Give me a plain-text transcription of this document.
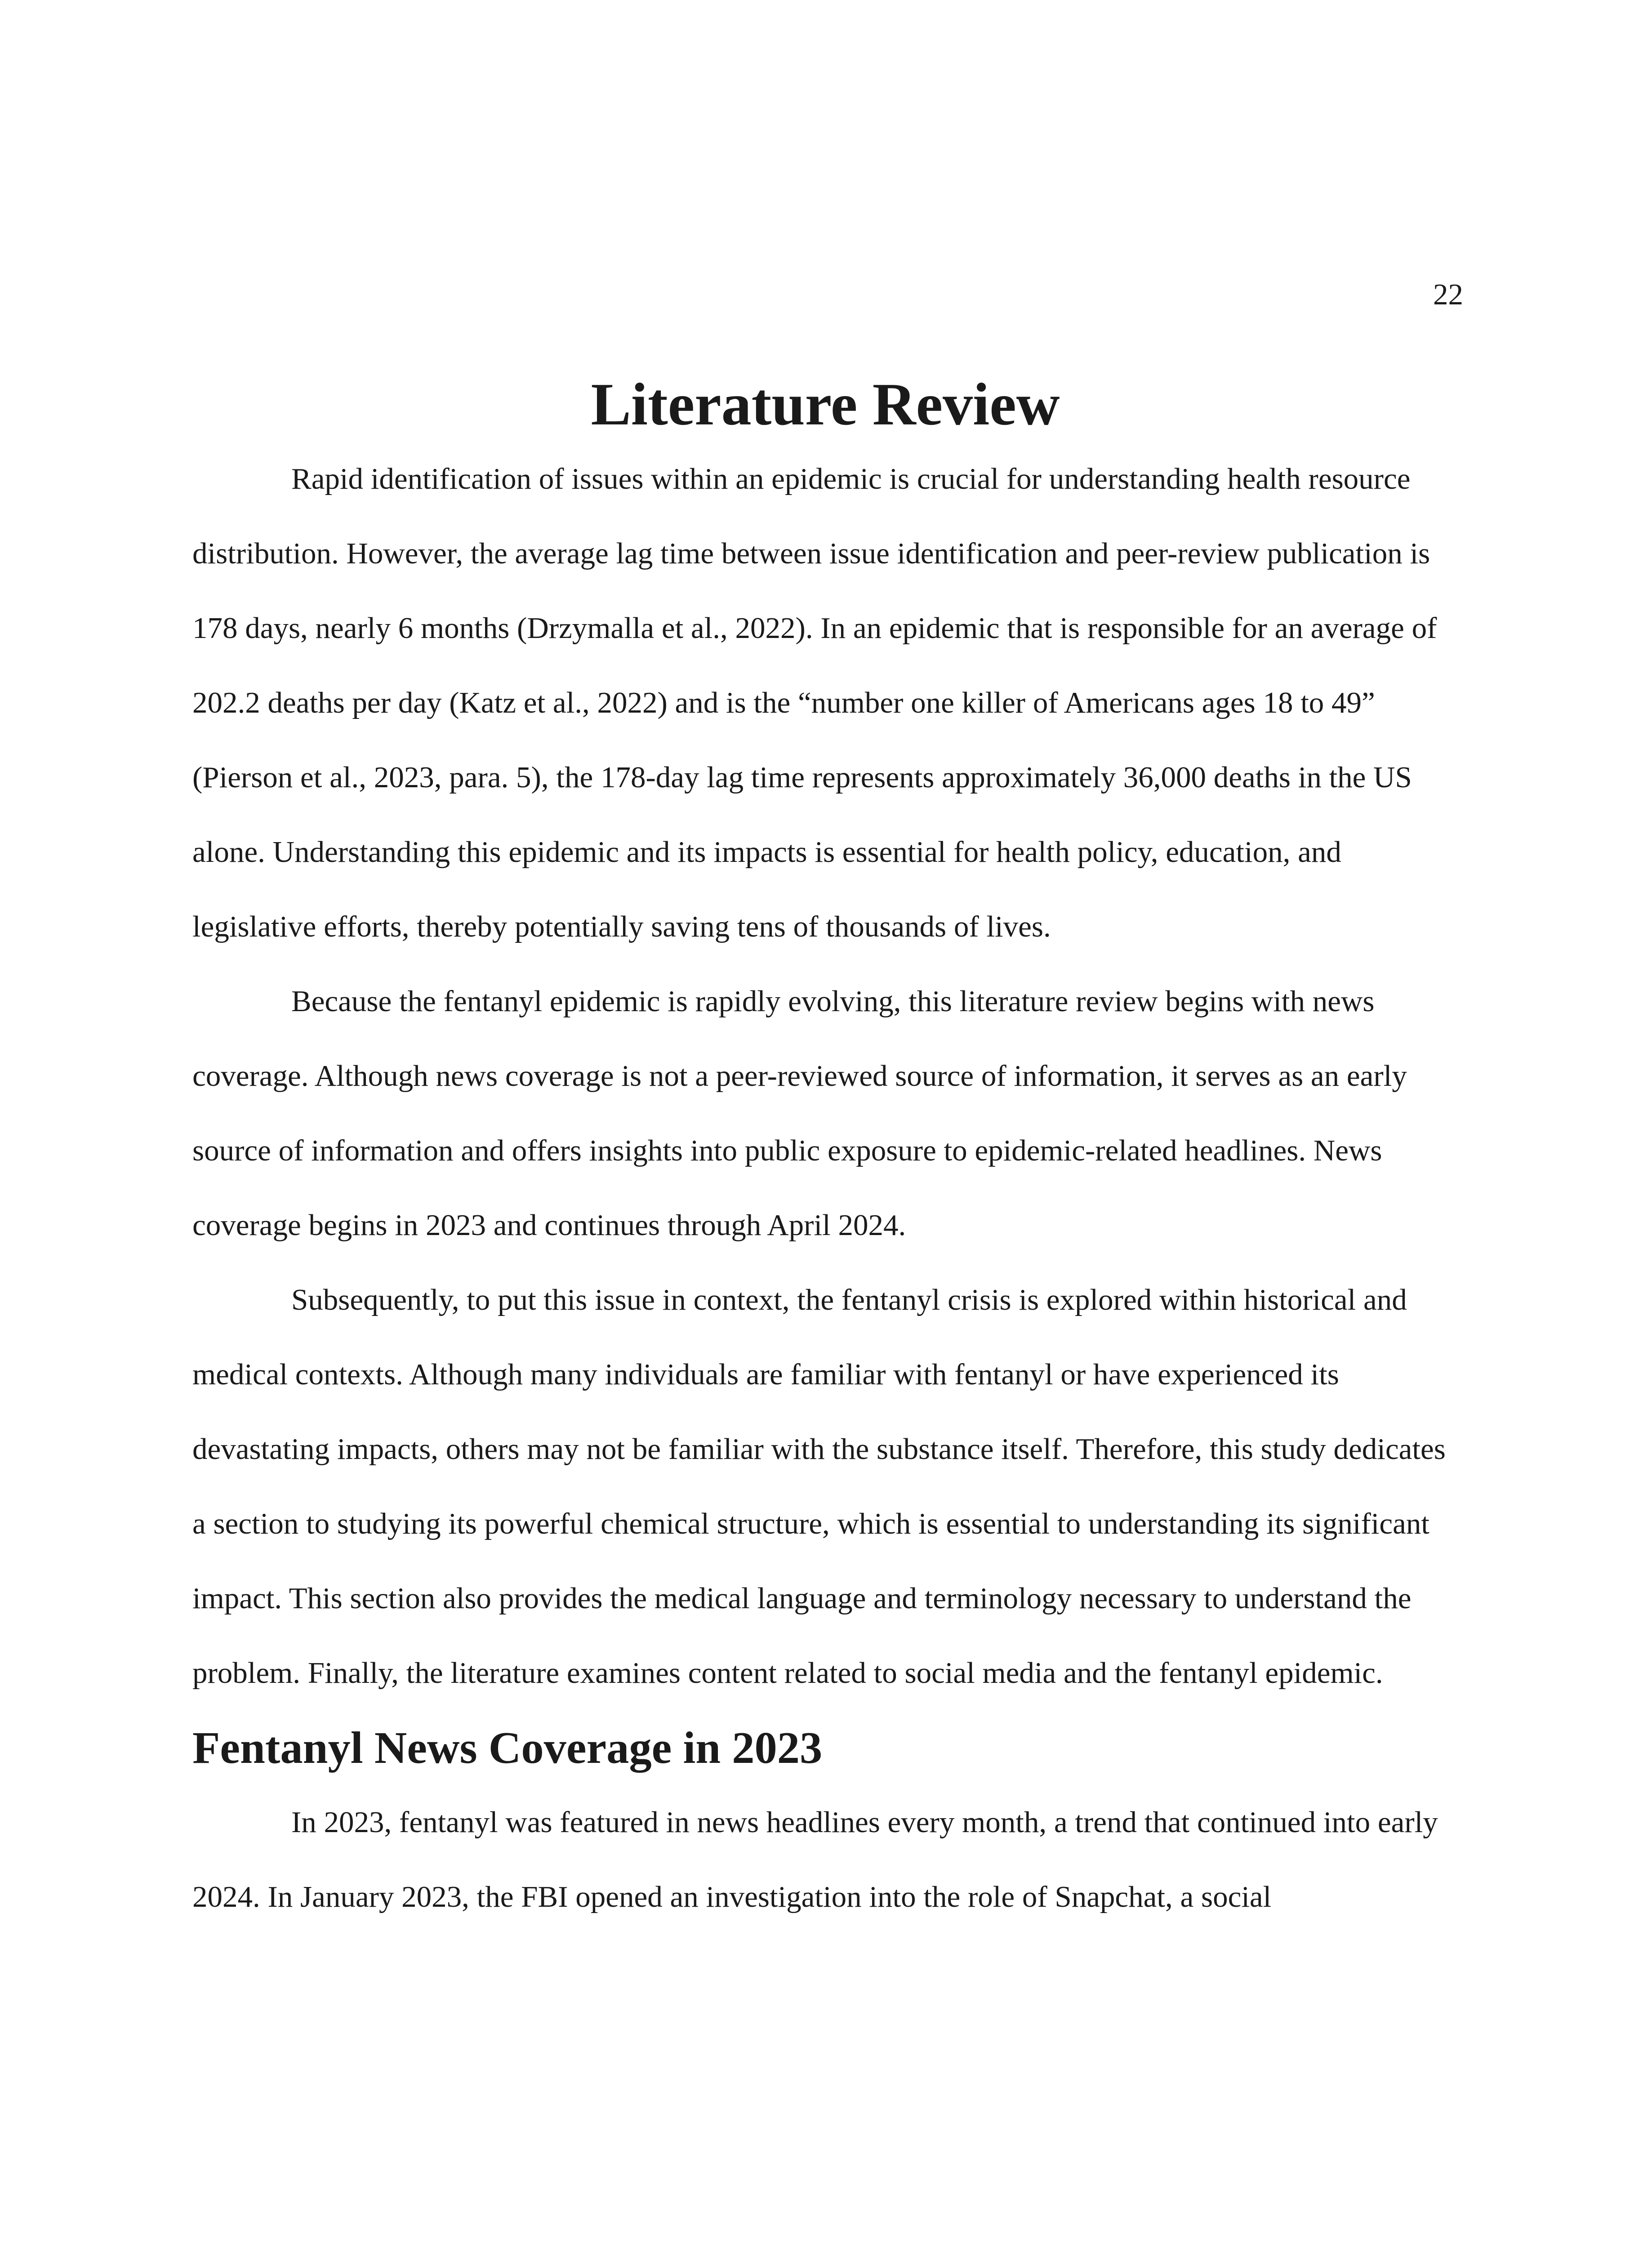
22
Literature Review

Rapid identification of issues within an epidemic is crucial for understanding health resource distribution. However, the average lag time between issue identification and peer-review publication is 178 days, nearly 6 months (Drzymalla et al., 2022). In an epidemic that is responsible for an average of 202.2 deaths per day (Katz et al., 2022) and is the “number one killer of Americans ages 18 to 49” (Pierson et al., 2023, para. 5), the 178-day lag time represents approximately 36,000 deaths in the US alone. Understanding this epidemic and its impacts is essential for health policy, education, and legislative efforts, thereby potentially saving tens of thousands of lives.

Because the fentanyl epidemic is rapidly evolving, this literature review begins with news coverage. Although news coverage is not a peer-reviewed source of information, it serves as an early source of information and offers insights into public exposure to epidemic-related headlines. News coverage begins in 2023 and continues through April 2024.

Subsequently, to put this issue in context, the fentanyl crisis is explored within historical and medical contexts. Although many individuals are familiar with fentanyl or have experienced its devastating impacts, others may not be familiar with the substance itself. Therefore, this study dedicates a section to studying its powerful chemical structure, which is essential to understanding its significant impact. This section also provides the medical language and terminology necessary to understand the problem. Finally, the literature examines content related to social media and the fentanyl epidemic.

Fentanyl News Coverage in 2023

In 2023, fentanyl was featured in news headlines every month, a trend that continued into early 2024. In January 2023, the FBI opened an investigation into the role of Snapchat, a social
